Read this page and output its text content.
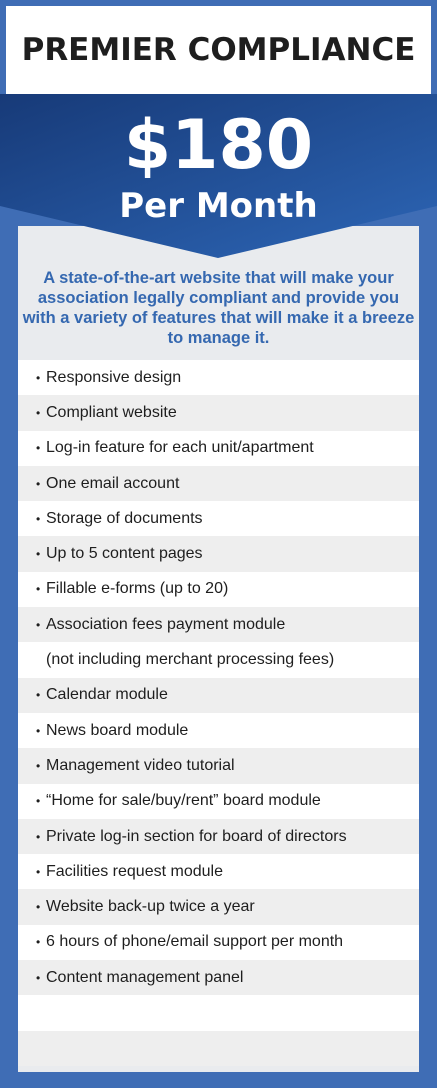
PREMIER COMPLIANCE
$180
Per Month
A state-of-the-art website that will make your association legally compliant and provide you with a variety of features that will make it a breeze to manage it.
• Responsive design
• Compliant website
• Log-in feature for each unit/apartment
• One email account
• Storage of documents
• Up to 5 content pages
• Fillable e-forms (up to 20)
• Association fees payment module
(not including merchant processing fees)
• Calendar module
• News board module
• Management video tutorial
• “Home for sale/buy/rent” board module
• Private log-in section for board of directors
• Facilities request module
• Website back-up twice a year
• 6 hours of phone/email support per month
• Content management panel
